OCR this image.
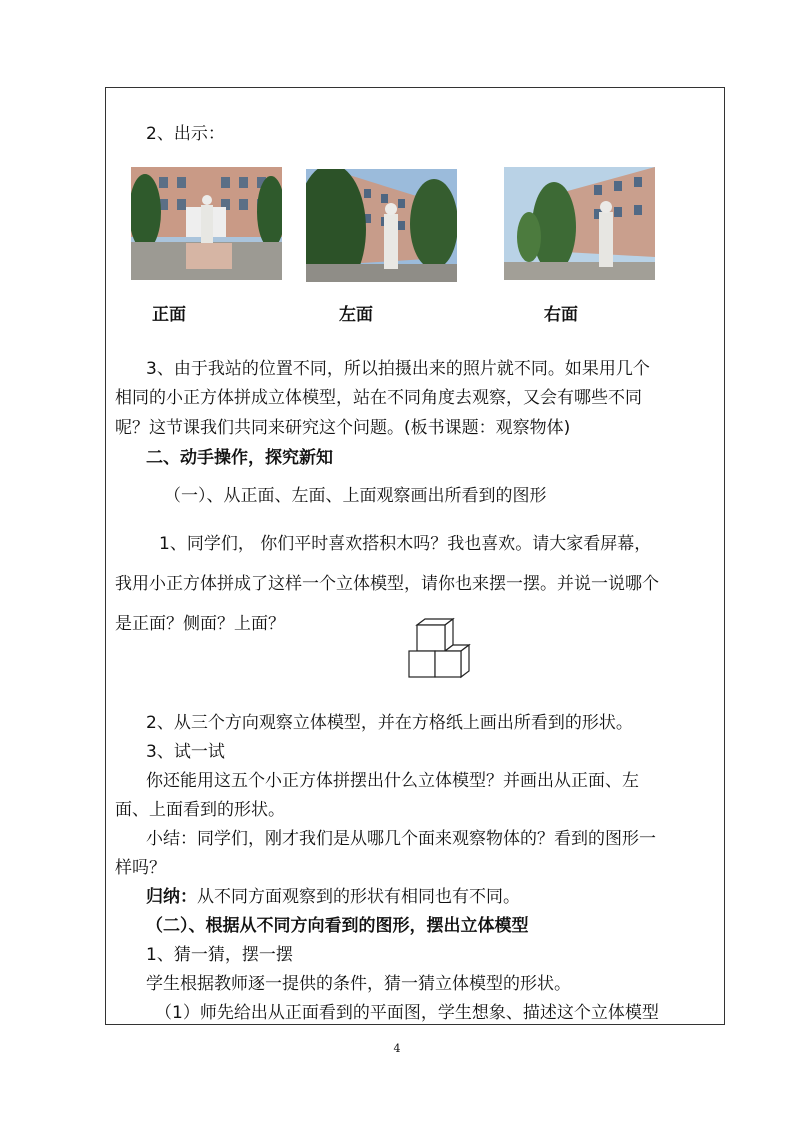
2、出示：
正面	左面	右面
3、由于我站的位置不同，所以拍摄出来的照片就不同。如果用几个
相同的小正方体拼成立体模型，站在不同角度去观察，又会有哪些不同
呢？这节课我们共同来研究这个问题。(板书课题：观察物体)
二、动手操作，探究新知
（一）、从正面、左面、上面观察画出所看到的图形
1、同学们， 你们平时喜欢搭积木吗？我也喜欢。请大家看屏幕，
我用小正方体拼成了这样一个立体模型，请你也来摆一摆。并说一说哪个
是正面？侧面？上面？
2、从三个方向观察立体模型，并在方格纸上画出所看到的形状。
3、试一试
你还能用这五个小正方体拼摆出什么立体模型？并画出从正面、左
面、上面看到的形状。
小结：同学们，刚才我们是从哪几个面来观察物体的？看到的图形一
样吗？
归纳：从不同方面观察到的形状有相同也有不同。
（二）、根据从不同方向看到的图形，摆出立体模型
1、猜一猜，摆一摆
学生根据教师逐一提供的条件，猜一猜立体模型的形状。
（1）师先给出从正面看到的平面图，学生想象、描述这个立体模型
4
